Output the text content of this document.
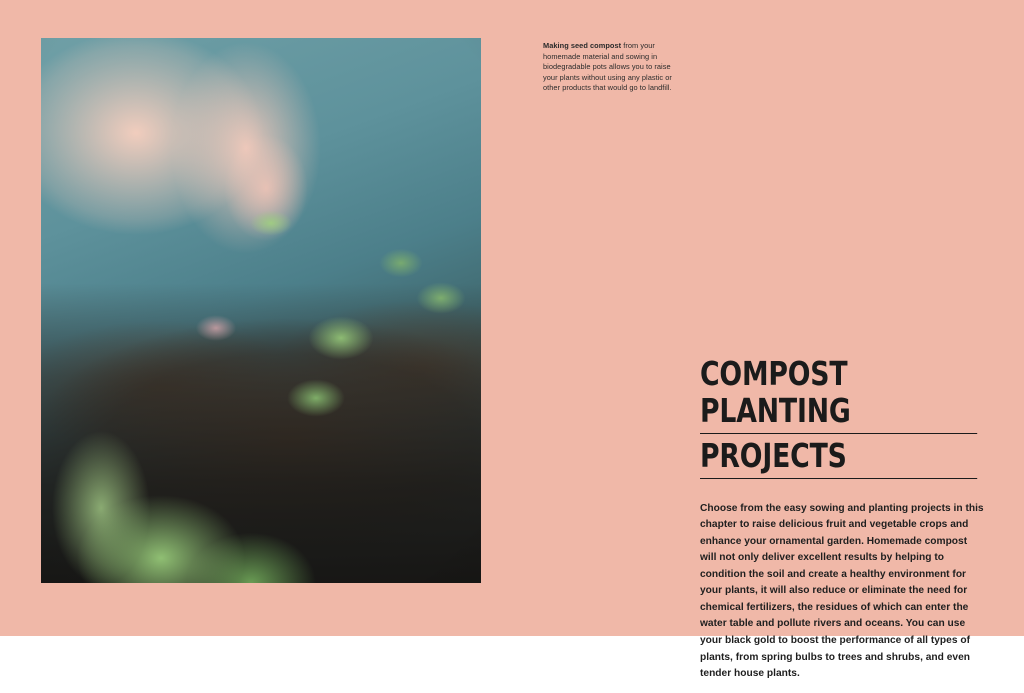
Making seed compost from your homemade material and sowing in biodegradable pots allows you to raise your plants without using any plastic or other products that would go to landfill.

COMPOST PLANTING
PROJECTS

Choose from the easy sowing and planting projects in this chapter to raise delicious fruit and vegetable crops and enhance your ornamental garden. Homemade compost will not only deliver excellent results by helping to condition the soil and create a healthy environment for your plants, it will also reduce or eliminate the need for chemical fertilizers, the residues of which can enter the water table and pollute rivers and oceans. You can use your black gold to boost the performance of all types of plants, from spring bulbs to trees and shrubs, and even tender house plants.
